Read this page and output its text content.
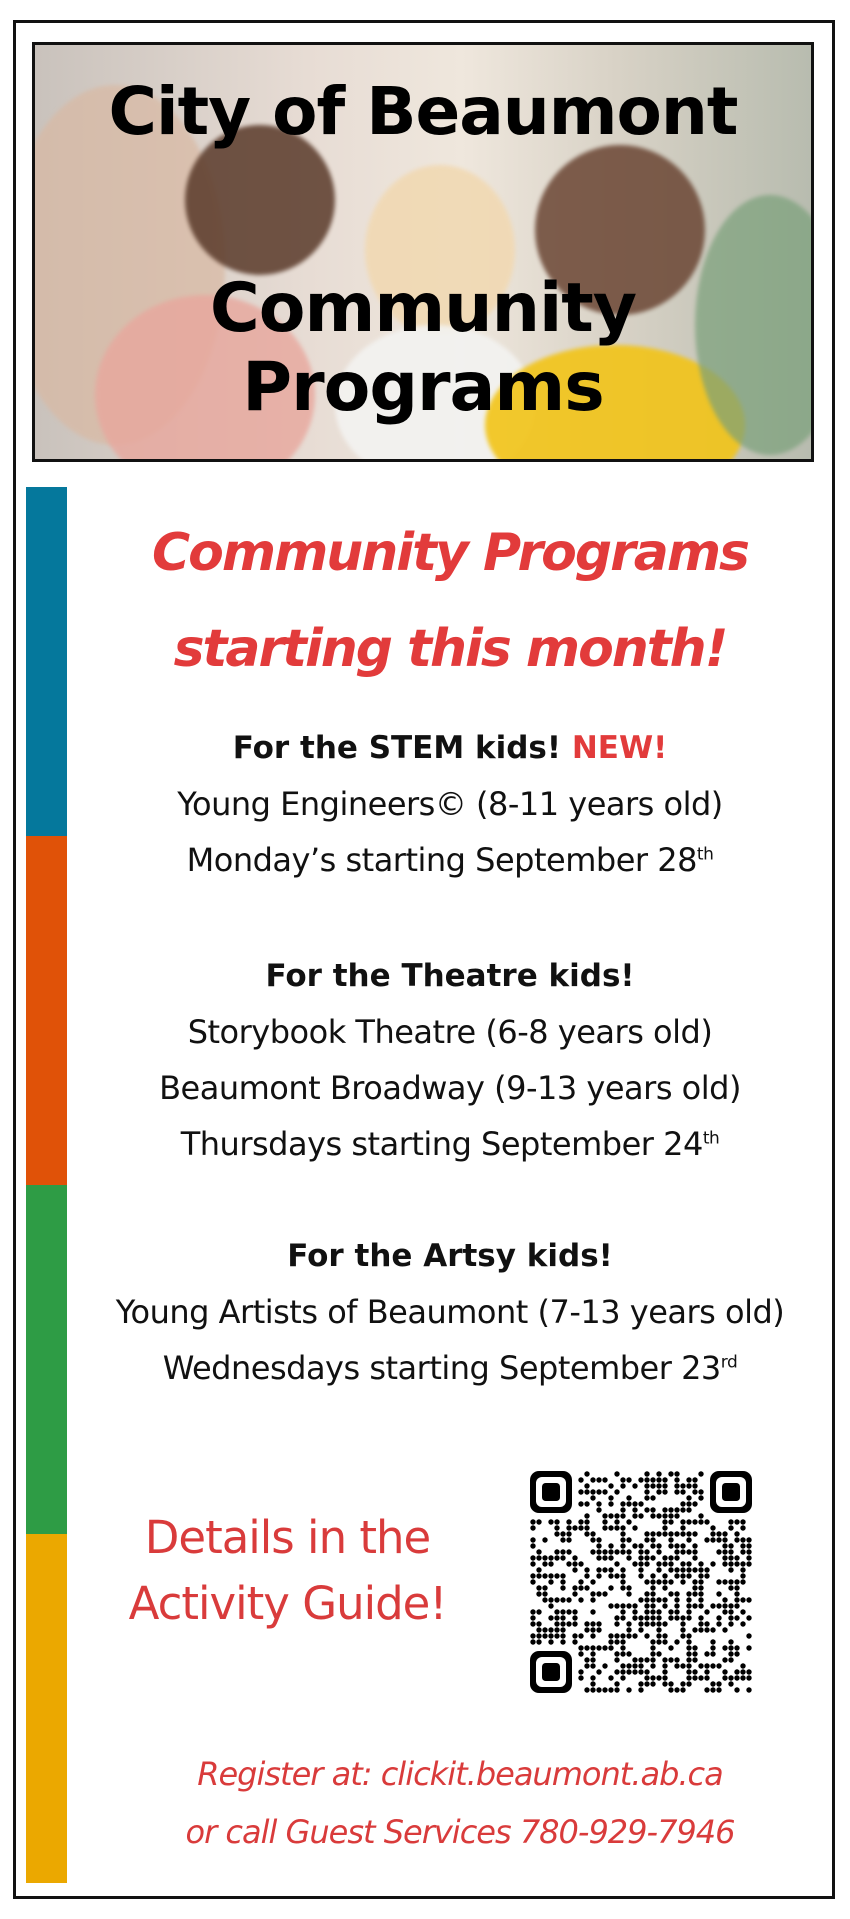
City of Beaumont
Community Programs
Community Programs
starting this month!
For the STEM kids! NEW!
Young Engineers© (8-11 years old)
Monday’s starting September 28th
For the Theatre kids!
Storybook Theatre (6-8 years old)
Beaumont Broadway (9-13 years old)
Thursdays starting September 24th
For the Artsy kids!
Young Artists of Beaumont (7-13 years old)
Wednesdays starting September 23rd
Details in the
Activity Guide!
Register at: clickit.beaumont.ab.ca
or call Guest Services 780-929-7946
